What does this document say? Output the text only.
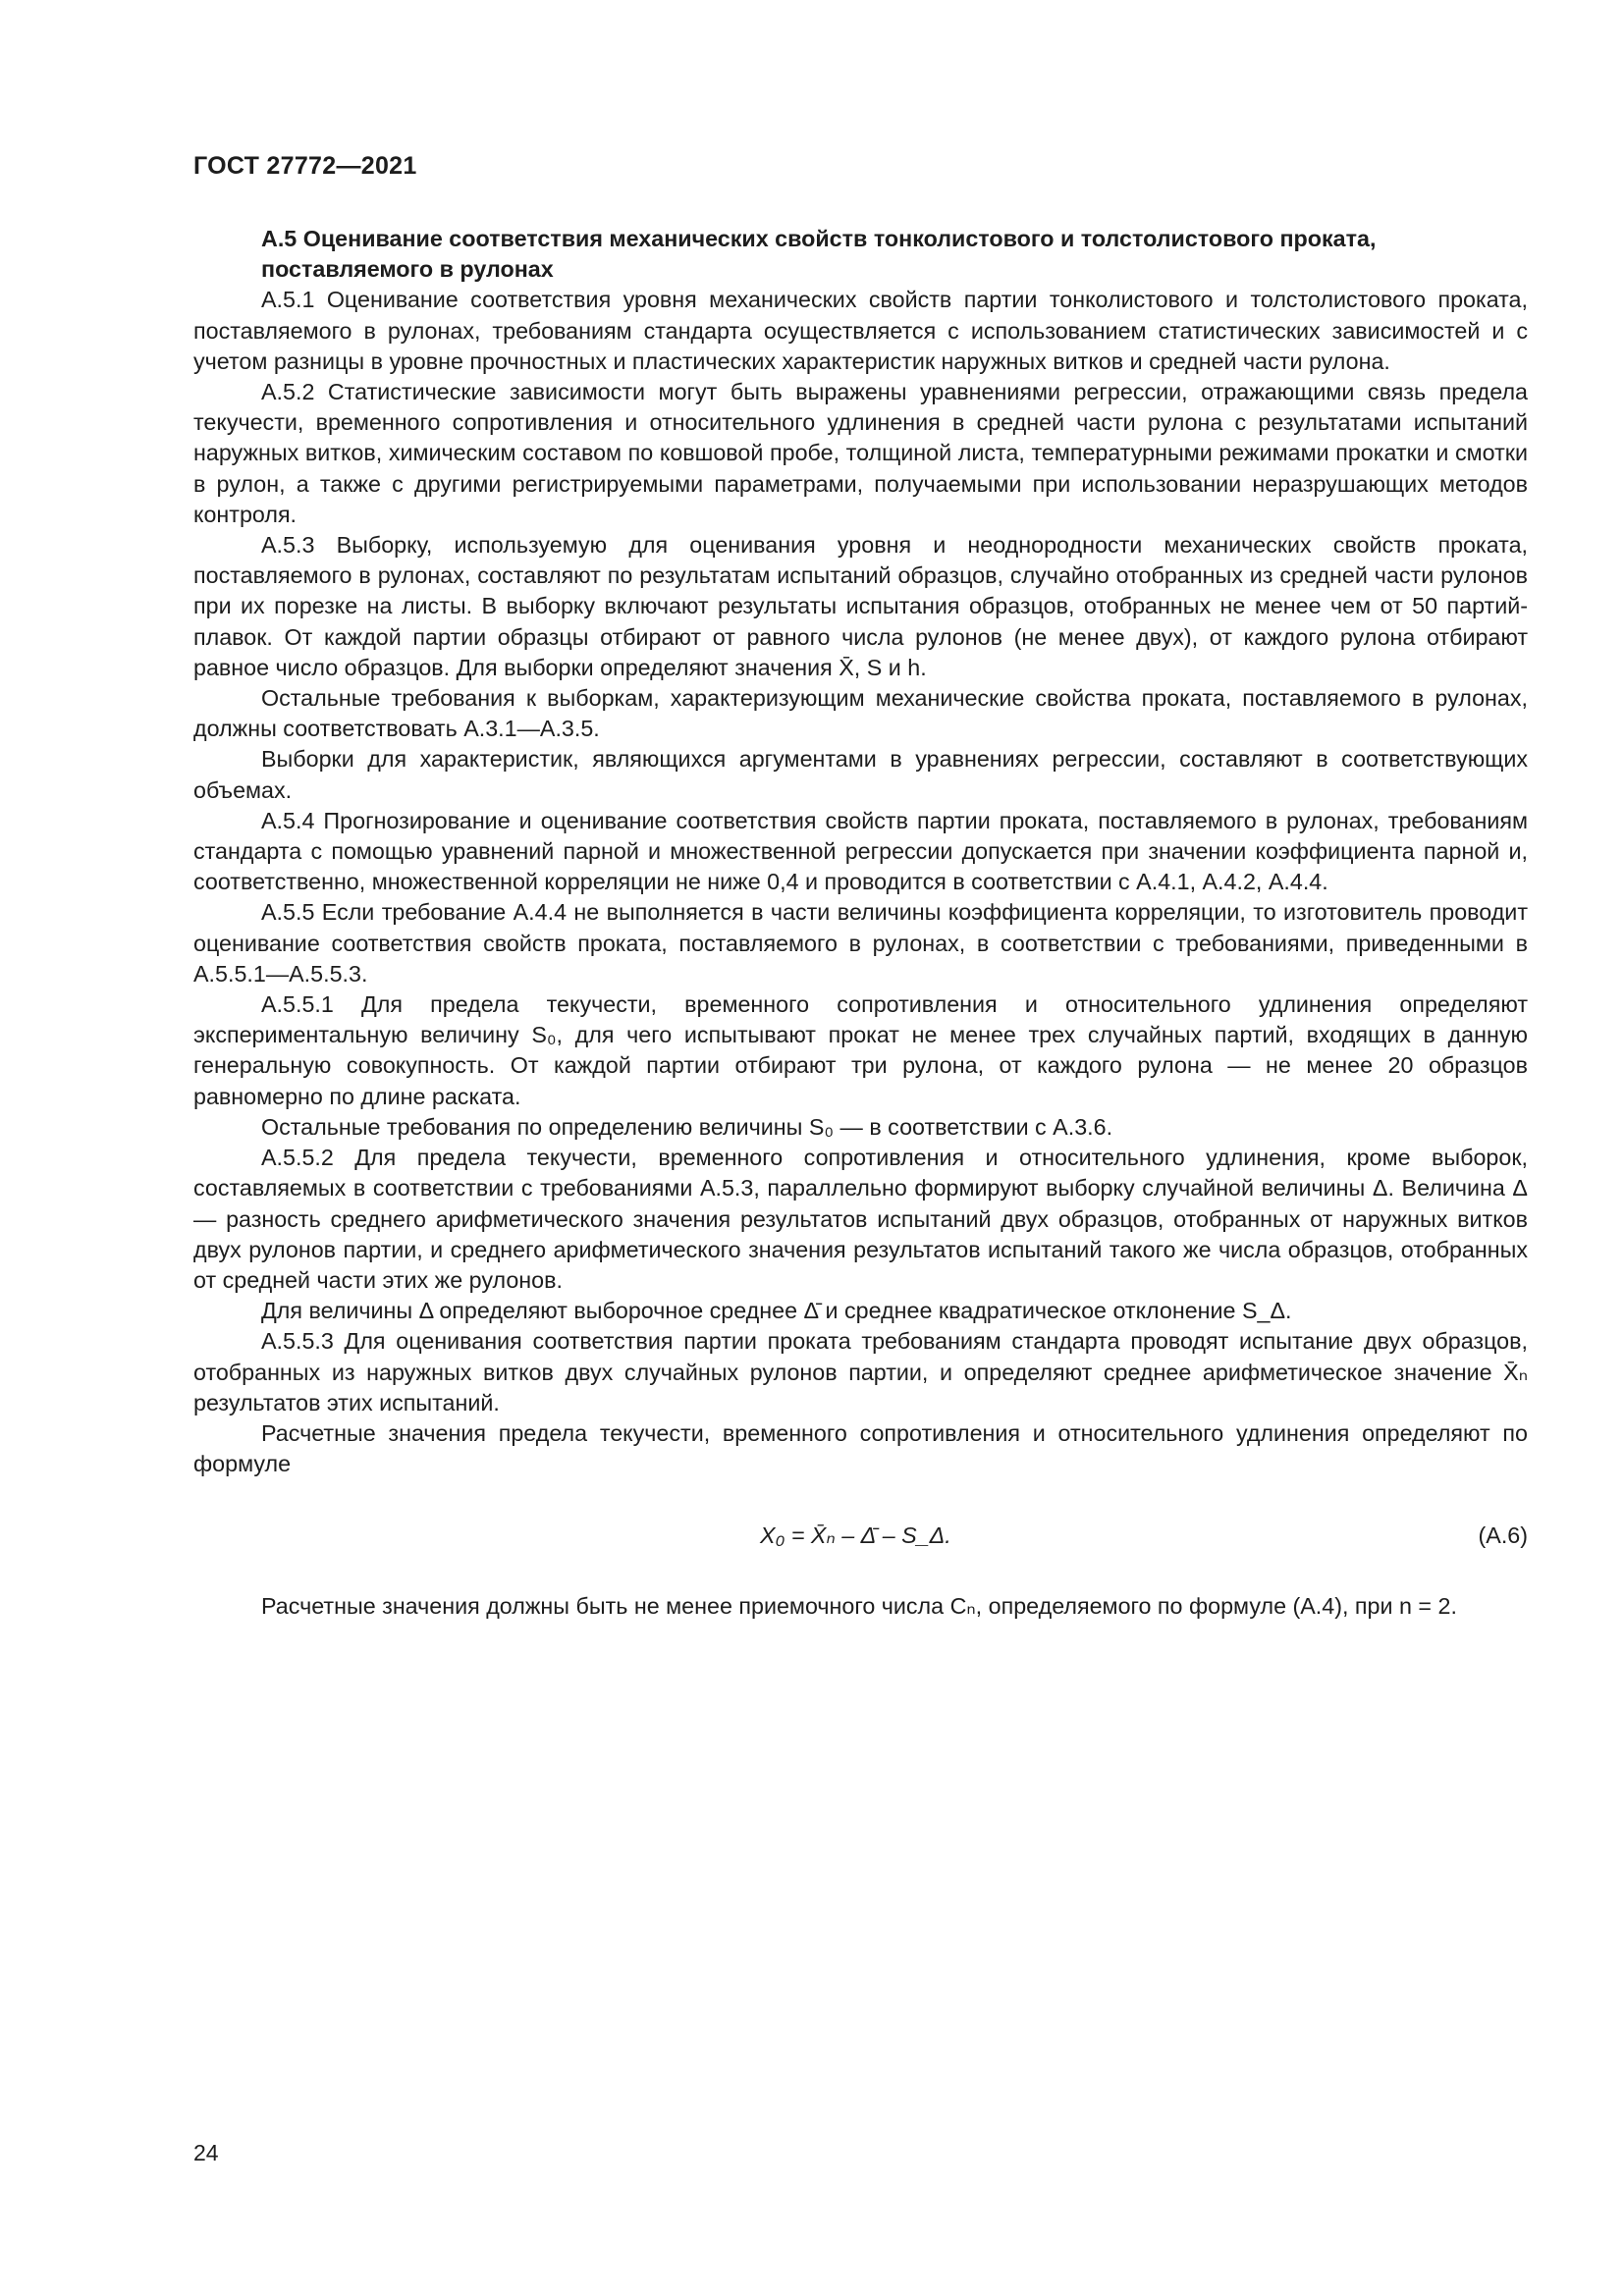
ГОСТ 27772—2021

А.5 Оценивание соответствия механических свойств тонколистового и толстолистового проката, поставляемого в рулонах

А.5.1 Оценивание соответствия уровня механических свойств партии тонколистового и толстолистового проката, поставляемого в рулонах, требованиям стандарта осуществляется с использованием статистических зависимостей и с учетом разницы в уровне прочностных и пластических характеристик наружных витков и средней части рулона.

А.5.2 Статистические зависимости могут быть выражены уравнениями регрессии, отражающими связь предела текучести, временного сопротивления и относительного удлинения в средней части рулона с результатами испытаний наружных витков, химическим составом по ковшовой пробе, толщиной листа, температурными режимами прокатки и смотки в рулон, а также с другими регистрируемыми параметрами, получаемыми при использовании неразрушающих методов контроля.

А.5.3 Выборку, используемую для оценивания уровня и неоднородности механических свойств проката, поставляемого в рулонах, составляют по результатам испытаний образцов, случайно отобранных из средней части рулонов при их порезке на листы. В выборку включают результаты испытания образцов, отобранных не менее чем от 50 партий-плавок. От каждой партии образцы отбирают от равного числа рулонов (не менее двух), от каждого рулона отбирают равное число образцов. Для выборки определяют значения X̄, S и h.

Остальные требования к выборкам, характеризующим механические свойства проката, поставляемого в рулонах, должны соответствовать А.3.1—А.3.5.

Выборки для характеристик, являющихся аргументами в уравнениях регрессии, составляют в соответствующих объемах.

А.5.4 Прогнозирование и оценивание соответствия свойств партии проката, поставляемого в рулонах, требованиям стандарта с помощью уравнений парной и множественной регрессии допускается при значении коэффициента парной и, соответственно, множественной корреляции не ниже 0,4 и проводится в соответствии с А.4.1, А.4.2, А.4.4.

А.5.5 Если требование А.4.4 не выполняется в части величины коэффициента корреляции, то изготовитель проводит оценивание соответствия свойств проката, поставляемого в рулонах, в соответствии с требованиями, приведенными в А.5.5.1—А.5.5.3.

А.5.5.1 Для предела текучести, временного сопротивления и относительного удлинения определяют экспериментальную величину S₀, для чего испытывают прокат не менее трех случайных партий, входящих в данную генеральную совокупность. От каждой партии отбирают три рулона, от каждого рулона — не менее 20 образцов равномерно по длине раската.

Остальные требования по определению величины S₀ — в соответствии с А.3.6.

А.5.5.2 Для предела текучести, временного сопротивления и относительного удлинения, кроме выборок, составляемых в соответствии с требованиями А.5.3, параллельно формируют выборку случайной величины Δ. Величина Δ — разность среднего арифметического значения результатов испытаний двух образцов, отобранных от наружных витков двух рулонов партии, и среднего арифметического значения результатов испытаний такого же числа образцов, отобранных от средней части этих же рулонов.

Для величины Δ определяют выборочное среднее Δ̄ и среднее квадратическое отклонение S_Δ.

А.5.5.3 Для оценивания соответствия партии проката требованиям стандарта проводят испытание двух образцов, отобранных из наружных витков двух случайных рулонов партии, и определяют среднее арифметическое значение X̄ₙ результатов этих испытаний.

Расчетные значения предела текучести, временного сопротивления и относительного удлинения определяют по формуле

X₀ = X̄ₙ – Δ̄ – S_Δ.	(А.6)

Расчетные значения должны быть не менее приемочного числа Cₙ, определяемого по формуле (А.4), при n = 2.

24
